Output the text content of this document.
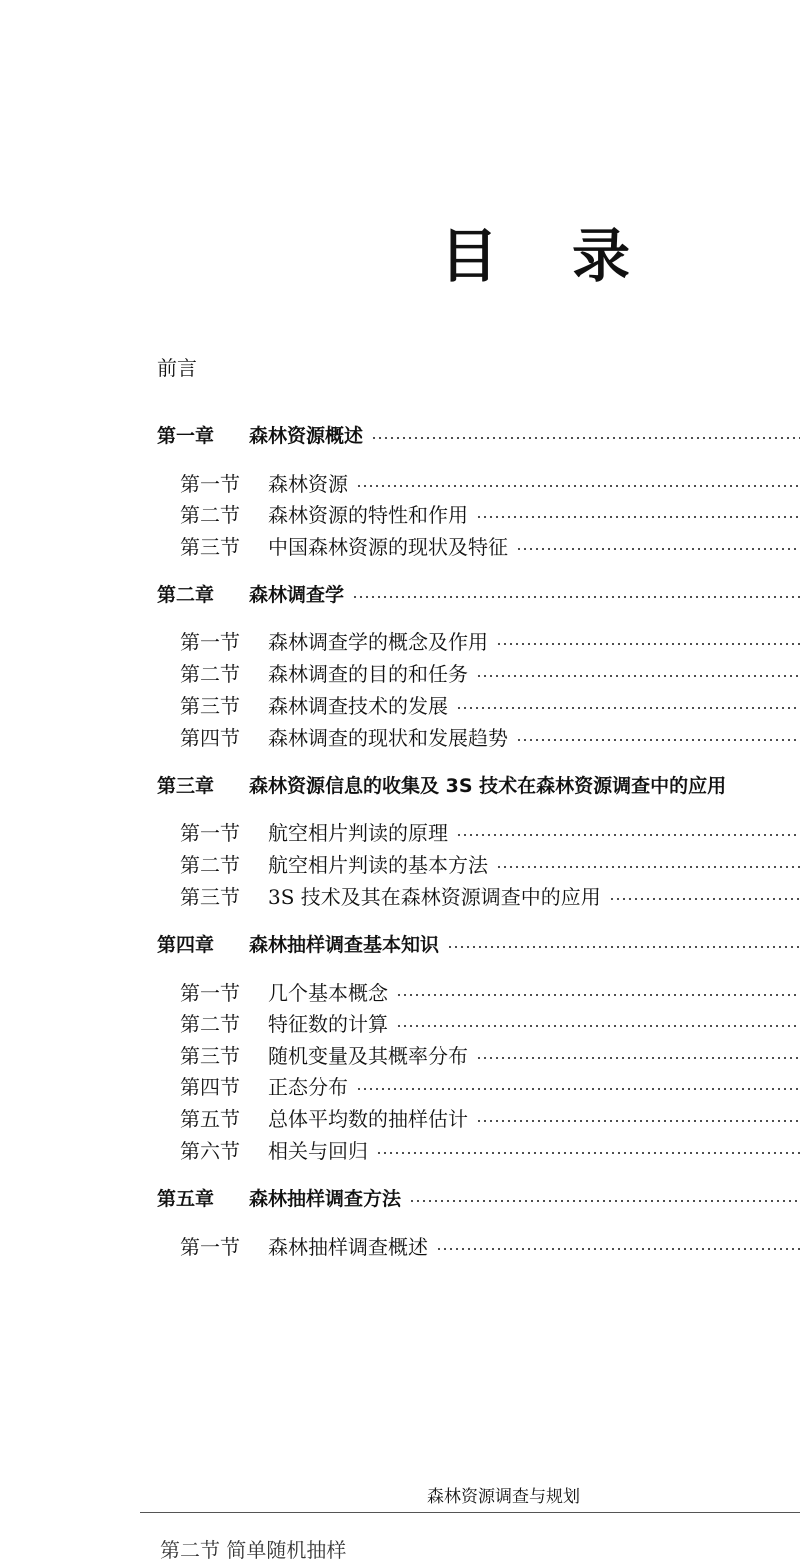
目 录
前言
第一章	森林资源概述
第一节	森林资源
第二节	森林资源的特性和作用
第三节	中国森林资源的现状及特征
第二章	森林调查学
第一节	森林调查学的概念及作用
第二节	森林调查的目的和任务
第三节	森林调查技术的发展
第四节	森林调查的现状和发展趋势
第三章	森林资源信息的收集及 3S 技术在森林资源调查中的应用
第一节	航空相片判读的原理
第二节	航空相片判读的基本方法
第三节	3S 技术及其在森林资源调查中的应用
第四章	森林抽样调查基本知识
第一节	几个基本概念
第二节	特征数的计算
第三节	随机变量及其概率分布
第四节	正态分布
第五节	总体平均数的抽样估计
第六节	相关与回归
第五章	森林抽样调查方法
第一节	森林抽样调查概述
森林资源调查与规划
第二节 简单随机抽样
